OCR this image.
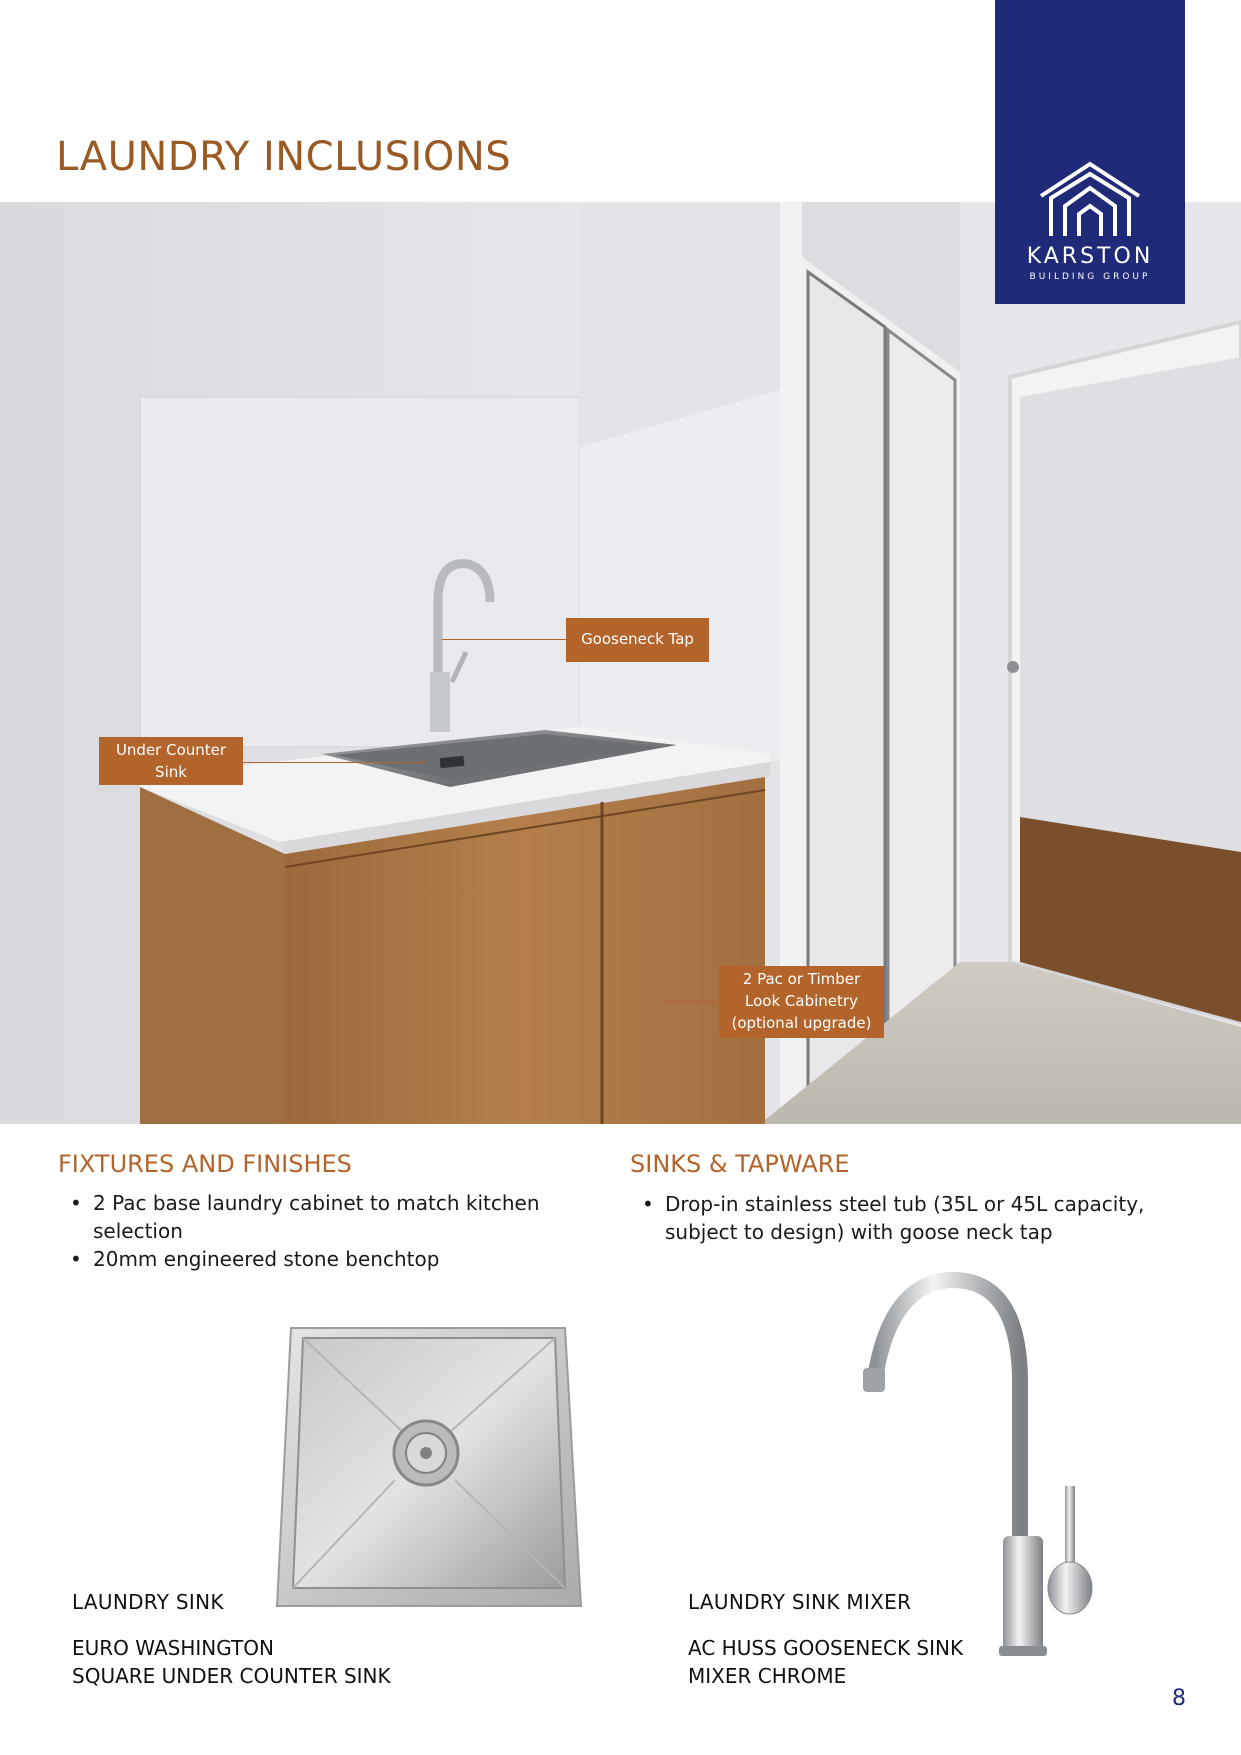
LAUNDRY INCLUSIONS
KARSTON
BUILDING GROUP
Gooseneck Tap
Under Counter
Sink
2 Pac or Timber
Look Cabinetry
(optional upgrade)
FIXTURES AND FINISHES
• 2 Pac base laundry cabinet to match kitchen selection
• 20mm engineered stone benchtop
SINKS & TAPWARE
• Drop-in stainless steel tub (35L or 45L capacity, subject to design) with goose neck tap
LAUNDRY SINK
EURO WASHINGTON
SQUARE UNDER COUNTER SINK
LAUNDRY SINK MIXER
AC HUSS GOOSENECK SINK
MIXER CHROME
8
